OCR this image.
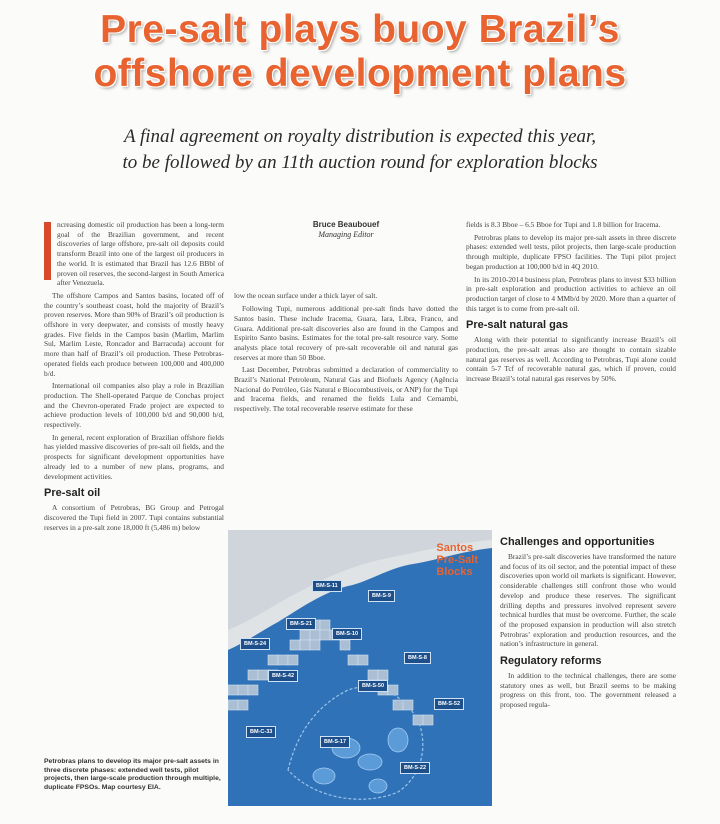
Pre-salt plays buoy Brazil’s
offshore development plans
A final agreement on royalty distribution is expected this year,
to be followed by an 11th auction round for exploration blocks

ncreasing domestic oil production has been a long-term goal of the Brazilian government, and recent discoveries of large offshore, pre-salt oil deposits could transform Brazil into one of the largest oil producers in the world. It is estimated that Brazil has 12.6 BBbl of proven oil reserves, the second-largest in South America after Venezuela.

The offshore Campos and Santos basins, located off of the country’s southeast coast, hold the majority of Brazil’s proven reserves. More than 90% of Brazil’s oil production is offshore in very deepwater, and consists of mostly heavy grades. Five fields in the Campos basin (Marlim, Marlim Sul, Marlim Leste, Roncador and Barracuda) account for more than half of Brazil’s oil production. These Petrobras-operated fields each produce between 100,000 and 400,000 b/d.

International oil companies also play a role in Brazilian production. The Shell-operated Parque de Conchas project and the Chevron-operated Frade project are expected to achieve production levels of 100,000 b/d and 90,000 b/d, respectively.

In general, recent exploration of Brazilian offshore fields has yielded massive discoveries of pre-salt oil fields, and the prospects for significant development opportunities have already led to a number of new plans, programs, and development activities.

Pre-salt oil

A consortium of Petrobras, BG Group and Petrogal discovered the Tupi field in 2007. Tupi contains substantial reserves in a pre-salt zone 18,000 ft (5,486 m) below

Petrobras plans to develop its major pre-salt assets in three discrete phases: extended well tests, pilot projects, then large-scale production through multiple, duplicate FPSOs. Map courtesy EIA.
Bruce Beaubouef
Managing Editor

low the ocean surface under a thick layer of salt.

Following Tupi, numerous additional pre-salt finds have dotted the Santos basin. These include Iracema, Guara, Iara, Libra, Franco, and Guara. Additional pre-salt discoveries also are found in the Campos and Espirito Santo basins. Estimates for the total pre-salt resource vary. Some analysts place total recovery of pre-salt recoverable oil and natural gas reserves at more than 50 Bboe.

Last December, Petrobras submitted a declaration of commerciality to Brazil’s National Petroleum, Natural Gas and Biofuels Agency (Agência Nacional do Petróleo, Gás Natural e Biocombustíveis, or ANP) for the Tupi and Iracema fields, and renamed the fields Lula and Cernambi, respectively. The total recoverable reserve estimate for these

fields is 8.3 Bboe – 6.5 Bboe for Tupi and 1.8 billion for Iracema.

Petrobras plans to develop its major pre-salt assets in three discrete phases: extended well tests, pilot projects, then large-scale production through multiple, duplicate FPSO facilities. The Tupi pilot project began production at 100,000 b/d in 4Q 2010.

In its 2010-2014 business plan, Petrobras plans to invest $33 billion in pre-salt exploration and production activities to achieve an oil production target of close to 4 MMb/d by 2020. More than a quarter of this target is to come from pre-salt oil.

Pre-salt natural gas

Along with their potential to significantly increase Brazil’s oil production, the pre-salt areas also are thought to contain sizable natural gas reserves as well. According to Petrobras, Tupi alone could contain 5-7 Tcf of recoverable natural gas, which if proven, could increase Brazil’s total natural gas reserves by 50%.

Santos
Pre-Salt
Blocks
BM-S-11
BM-S-9
BM-S-21
BM-S-10
BM-S-24
BM-S-8
BM-S-42
BM-S-50
BM-S-52
BM-C-33
BM-S-17
BM-S-22
Challenges and opportunities

Brazil’s pre-salt discoveries have transformed the nature and focus of its oil sector, and the potential impact of these discoveries upon world oil markets is significant. However, considerable challenges still confront those who would develop and produce these reserves. The significant drilling depths and pressures involved represent severe technical hurdles that must be overcome. Further, the scale of the proposed expansion in production will also stretch Petrobras’ exploration and production resources, and the nation’s infrastructure in general.

Regulatory reforms

In addition to the technical challenges, there are some statutory ones as well, but Brazil seems to be making progress on this front, too. The government released a proposed regula-
